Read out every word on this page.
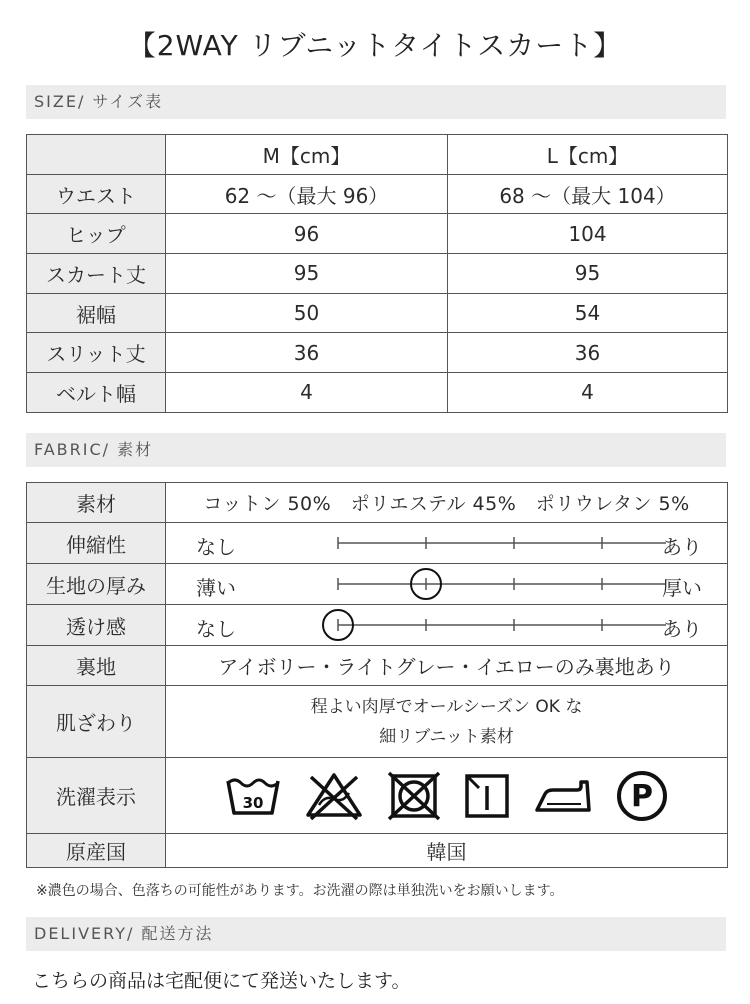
【2WAY リブニットタイトスカート】
SIZE/ サイズ表
	M【cm】	L【cm】
ウエスト	62 〜（最大 96）	68 〜（最大 104）
ヒップ	96	104
スカート丈	95	95
裾幅	50	54
スリット丈	36	36
ベルト幅	4	4
FABRIC/ 素材
素材	コットン 50%　ポリエステル 45%　ポリウレタン 5%
伸縮性	なし あり

生地の厚み	薄い 厚い

透け感	なし あり

裏地	アイボリー・ライトグレー・イエローのみ裏地あり
肌ざわり	程よい肉厚でオールシーズン OK な
細リブニット素材

洗濯表示	30 P

原産国	韓国
※濃色の場合、色落ちの可能性があります。お洗濯の際は単独洗いをお願いします。
DELIVERY/ 配送方法
こちらの商品は宅配便にて発送いたします。
